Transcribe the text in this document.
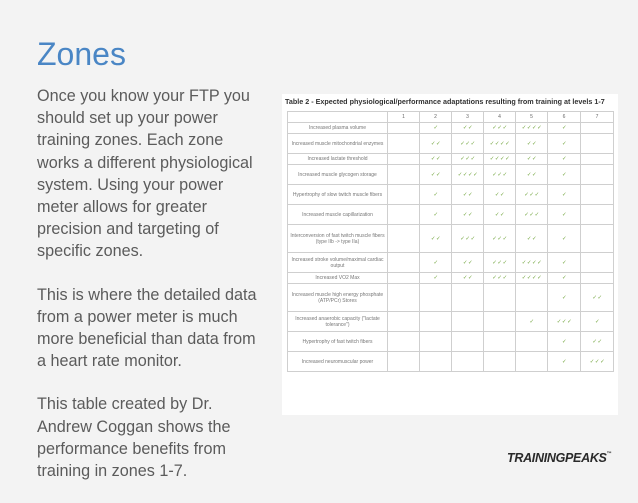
Zones

Once you know your FTP you should set up your power training zones. Each zone works a different physiological system. Using your power meter allows for greater precision and targeting of specific zones.

This is where the detailed data from a power meter is much more beneficial than data from a heart rate monitor.

This table created by Dr. Andrew Coggan shows the performance benefits from training in zones 1-7.

Table 2 - Expected physiological/performance adaptations resulting from training at levels 1-7
	1	2	3	4	5	6	7
Increased plasma volume		✓	✓ ✓	✓ ✓ ✓	✓ ✓ ✓ ✓	✓	
Increased muscle mitochondrial enzymes		✓ ✓	✓ ✓ ✓	✓ ✓ ✓ ✓	✓ ✓	✓	
Increased lactate threshold		✓ ✓	✓ ✓ ✓	✓ ✓ ✓ ✓	✓ ✓	✓	
Increased muscle glycogen storage		✓ ✓	✓ ✓ ✓ ✓	✓ ✓ ✓	✓ ✓	✓	
Hypertrophy of slow twitch muscle fibers		✓	✓ ✓	✓ ✓	✓ ✓ ✓	✓	
Increased muscle capillarization		✓	✓ ✓	✓ ✓	✓ ✓ ✓	✓	
Interconversion of fast twitch muscle fibers (type IIb -> type IIa)		✓ ✓	✓ ✓ ✓	✓ ✓ ✓	✓ ✓	✓	
Increased stroke volume/maximal cardiac output		✓	✓ ✓	✓ ✓ ✓	✓ ✓ ✓ ✓	✓	
Increased VO2 Max		✓	✓ ✓	✓ ✓ ✓	✓ ✓ ✓ ✓	✓	
Increased muscle high energy phosphate (ATP/PCr) Stores						✓	✓ ✓
Increased anaerobic capacity ("lactate tolerance")					✓	✓ ✓ ✓	✓
Hypertrophy of fast twitch fibers						✓	✓ ✓
Increased neuromuscular power						✓	✓ ✓ ✓
TRAININGPEAKS™
